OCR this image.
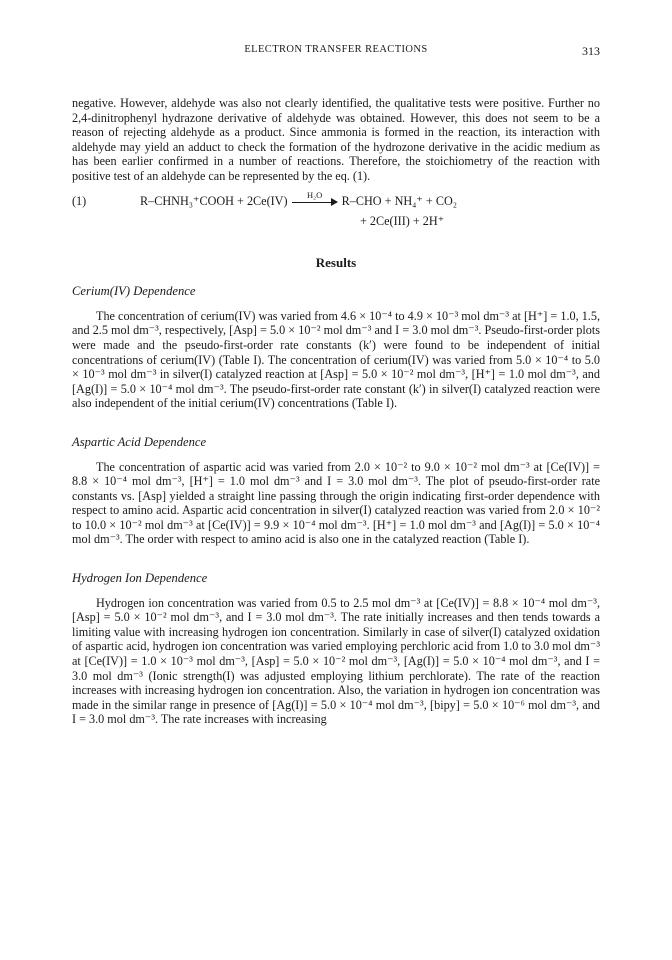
ELECTRON TRANSFER REACTIONS	313

negative. However, aldehyde was also not clearly identified, the qualitative tests were positive. Further no 2,4-dinitrophenyl hydrazone derivative of aldehyde was obtained. However, this does not seem to be a reason of rejecting aldehyde as a product. Since ammonia is formed in the reaction, its interaction with aldehyde may yield an adduct to check the formation of the hydrozone derivative in the acidic medium as has been earlier confirmed in a number of reactions. Therefore, the stoichiometry of the reaction with positive test of an aldehyde can be represented by the eq. (1).

(1)	R–CHNH₃⁺COOH + 2Ce(IV)	H₂O	R–CHO + NH₄⁺ + CO₂
+ 2Ce(III) + 2H⁺
Results
Cerium(IV) Dependence

The concentration of cerium(IV) was varied from 4.6 × 10⁻⁴ to 4.9 × 10⁻³ mol dm⁻³ at [H⁺] = 1.0, 1.5, and 2.5 mol dm⁻³, respectively, [Asp] = 5.0 × 10⁻² mol dm⁻³ and I = 3.0 mol dm⁻³. Pseudo-first-order plots were made and the pseudo-first-order rate constants (k′) were found to be independent of initial concentrations of cerium(IV) (Table I). The concentration of cerium(IV) was varied from 5.0 × 10⁻⁴ to 5.0 × 10⁻³ mol dm⁻³ in silver(I) catalyzed reaction at [Asp] = 5.0 × 10⁻² mol dm⁻³, [H⁺] = 1.0 mol dm⁻³, and [Ag(I)] = 5.0 × 10⁻⁴ mol dm⁻³. The pseudo-first-order rate constant (k′) in silver(I) catalyzed reaction were also independent of the initial cerium(IV) concentrations (Table I).

Aspartic Acid Dependence

The concentration of aspartic acid was varied from 2.0 × 10⁻² to 9.0 × 10⁻² mol dm⁻³ at [Ce(IV)] = 8.8 × 10⁻⁴ mol dm⁻³, [H⁺] = 1.0 mol dm⁻³ and I = 3.0 mol dm⁻³. The plot of pseudo-first-order rate constants vs. [Asp] yielded a straight line passing through the origin indicating first-order dependence with respect to amino acid. Aspartic acid concentration in silver(I) catalyzed reaction was varied from 2.0 × 10⁻² to 10.0 × 10⁻² mol dm⁻³ at [Ce(IV)] = 9.9 × 10⁻⁴ mol dm⁻³. [H⁺] = 1.0 mol dm⁻³ and [Ag(I)] = 5.0 × 10⁻⁴ mol dm⁻³. The order with respect to amino acid is also one in the catalyzed reaction (Table I).

Hydrogen Ion Dependence

Hydrogen ion concentration was varied from 0.5 to 2.5 mol dm⁻³ at [Ce(IV)] = 8.8 × 10⁻⁴ mol dm⁻³, [Asp] = 5.0 × 10⁻² mol dm⁻³, and I = 3.0 mol dm⁻³. The rate initially increases and then tends towards a limiting value with increasing hydrogen ion concentration. Similarly in case of silver(I) catalyzed oxidation of aspartic acid, hydrogen ion concentration was varied employing perchloric acid from 1.0 to 3.0 mol dm⁻³ at [Ce(IV)] = 1.0 × 10⁻³ mol dm⁻³, [Asp] = 5.0 × 10⁻² mol dm⁻³, [Ag(I)] = 5.0 × 10⁻⁴ mol dm⁻³, and I = 3.0 mol dm⁻³ (Ionic strength(I) was adjusted employing lithium perchlorate). The rate of the reaction increases with increasing hydrogen ion concentration. Also, the variation in hydrogen ion concentration was made in the similar range in presence of [Ag(I)] = 5.0 × 10⁻⁴ mol dm⁻³, [bipy] = 5.0 × 10⁻⁶ mol dm⁻³, and I = 3.0 mol dm⁻³. The rate increases with increasing
